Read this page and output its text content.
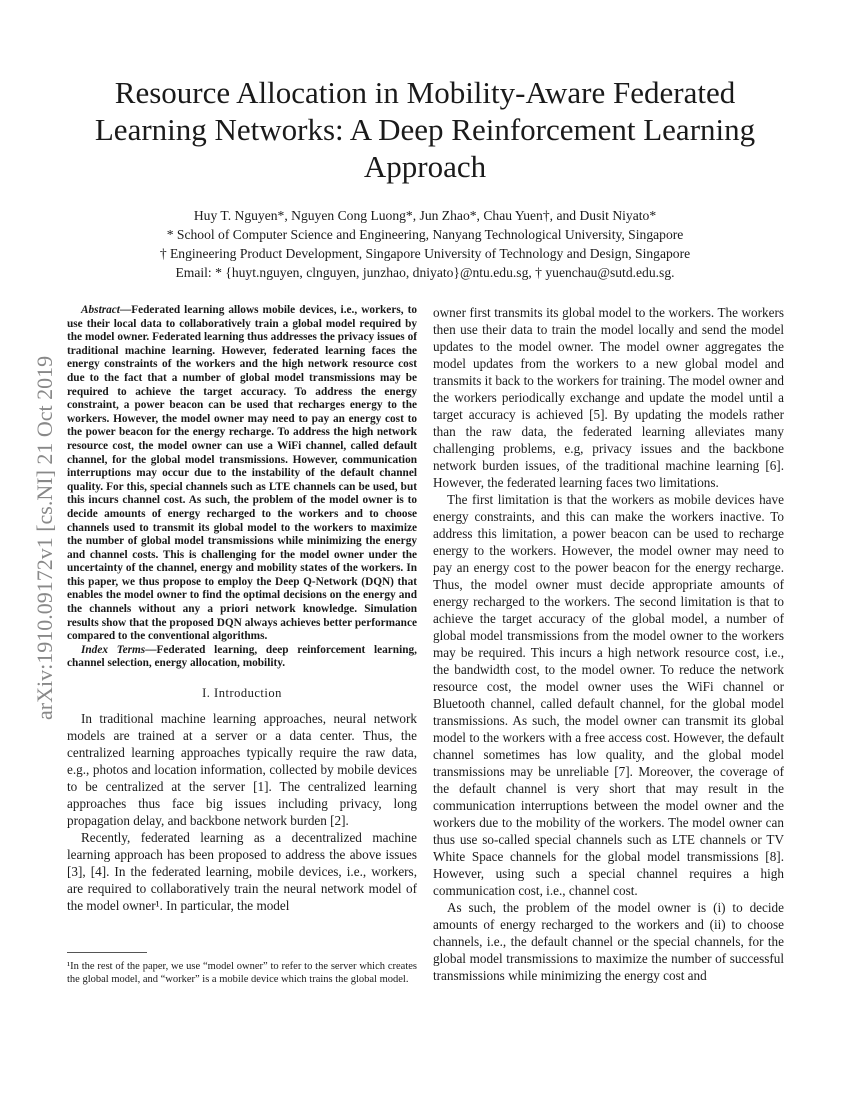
arXiv:1910.09172v1 [cs.NI] 21 Oct 2019
Resource Allocation in Mobility-Aware Federated Learning Networks: A Deep Reinforcement Learning Approach
Huy T. Nguyen*, Nguyen Cong Luong*, Jun Zhao*, Chau Yuen†, and Dusit Niyato*
* School of Computer Science and Engineering, Nanyang Technological University, Singapore
† Engineering Product Development, Singapore University of Technology and Design, Singapore
Email: * {huyt.nguyen, clnguyen, junzhao, dniyato}@ntu.edu.sg, † yuenchau@sutd.edu.sg.

Abstract—Federated learning allows mobile devices, i.e., workers, to use their local data to collaboratively train a global model required by the model owner. Federated learning thus addresses the privacy issues of traditional machine learning. However, federated learning faces the energy constraints of the workers and the high network resource cost due to the fact that a number of global model transmissions may be required to achieve the target accuracy. To address the energy constraint, a power beacon can be used that recharges energy to the workers. However, the model owner may need to pay an energy cost to the power beacon for the energy recharge. To address the high network resource cost, the model owner can use a WiFi channel, called default channel, for the global model transmissions. However, communication interruptions may occur due to the instability of the default channel quality. For this, special channels such as LTE channels can be used, but this incurs channel cost. As such, the problem of the model owner is to decide amounts of energy recharged to the workers and to choose channels used to transmit its global model to the workers to maximize the number of global model transmissions while minimizing the energy and channel costs. This is challenging for the model owner under the uncertainty of the channel, energy and mobility states of the workers. In this paper, we thus propose to employ the Deep Q-Network (DQN) that enables the model owner to find the optimal decisions on the energy and the channels without any a priori network knowledge. Simulation results show that the proposed DQN always achieves better performance compared to the conventional algorithms.

Index Terms—Federated learning, deep reinforcement learning, channel selection, energy allocation, mobility.

I. Introduction

In traditional machine learning approaches, neural network models are trained at a server or a data center. Thus, the centralized learning approaches typically require the raw data, e.g., photos and location information, collected by mobile devices to be centralized at the server [1]. The centralized learning approaches thus face big issues including privacy, long propagation delay, and backbone network burden [2].

Recently, federated learning as a decentralized machine learning approach has been proposed to address the above issues [3], [4]. In the federated learning, mobile devices, i.e., workers, are required to collaboratively train the neural network model of the model owner¹. In particular, the model

¹In the rest of the paper, we use “model owner” to refer to the server which creates the global model, and “worker” is a mobile device which trains the global model.

owner first transmits its global model to the workers. The workers then use their data to train the model locally and send the model updates to the model owner. The model owner aggregates the model updates from the workers to a new global model and transmits it back to the workers for training. The model owner and the workers periodically exchange and update the model until a target accuracy is achieved [5]. By updating the models rather than the raw data, the federated learning alleviates many challenging problems, e.g, privacy issues and the backbone network burden issues, of the traditional machine learning [6]. However, the federated learning faces two limitations.

The first limitation is that the workers as mobile devices have energy constraints, and this can make the workers inactive. To address this limitation, a power beacon can be used to recharge energy to the workers. However, the model owner may need to pay an energy cost to the power beacon for the energy recharge. Thus, the model owner must decide appropriate amounts of energy recharged to the workers. The second limitation is that to achieve the target accuracy of the global model, a number of global model transmissions from the model owner to the workers may be required. This incurs a high network resource cost, i.e., the bandwidth cost, to the model owner. To reduce the network resource cost, the model owner uses the WiFi channel or Bluetooth channel, called default channel, for the global model transmissions. As such, the model owner can transmit its global model to the workers with a free access cost. However, the default channel sometimes has low quality, and the global model transmissions may be unreliable [7]. Moreover, the coverage of the default channel is very short that may result in the communication interruptions between the model owner and the workers due to the mobility of the workers. The model owner can thus use so-called special channels such as LTE channels or TV White Space channels for the global model transmissions [8]. However, using such a special channel requires a high communication cost, i.e., channel cost.

As such, the problem of the model owner is (i) to decide amounts of energy recharged to the workers and (ii) to choose channels, i.e., the default channel or the special channels, for the global model transmissions to maximize the number of successful transmissions while minimizing the energy cost and
